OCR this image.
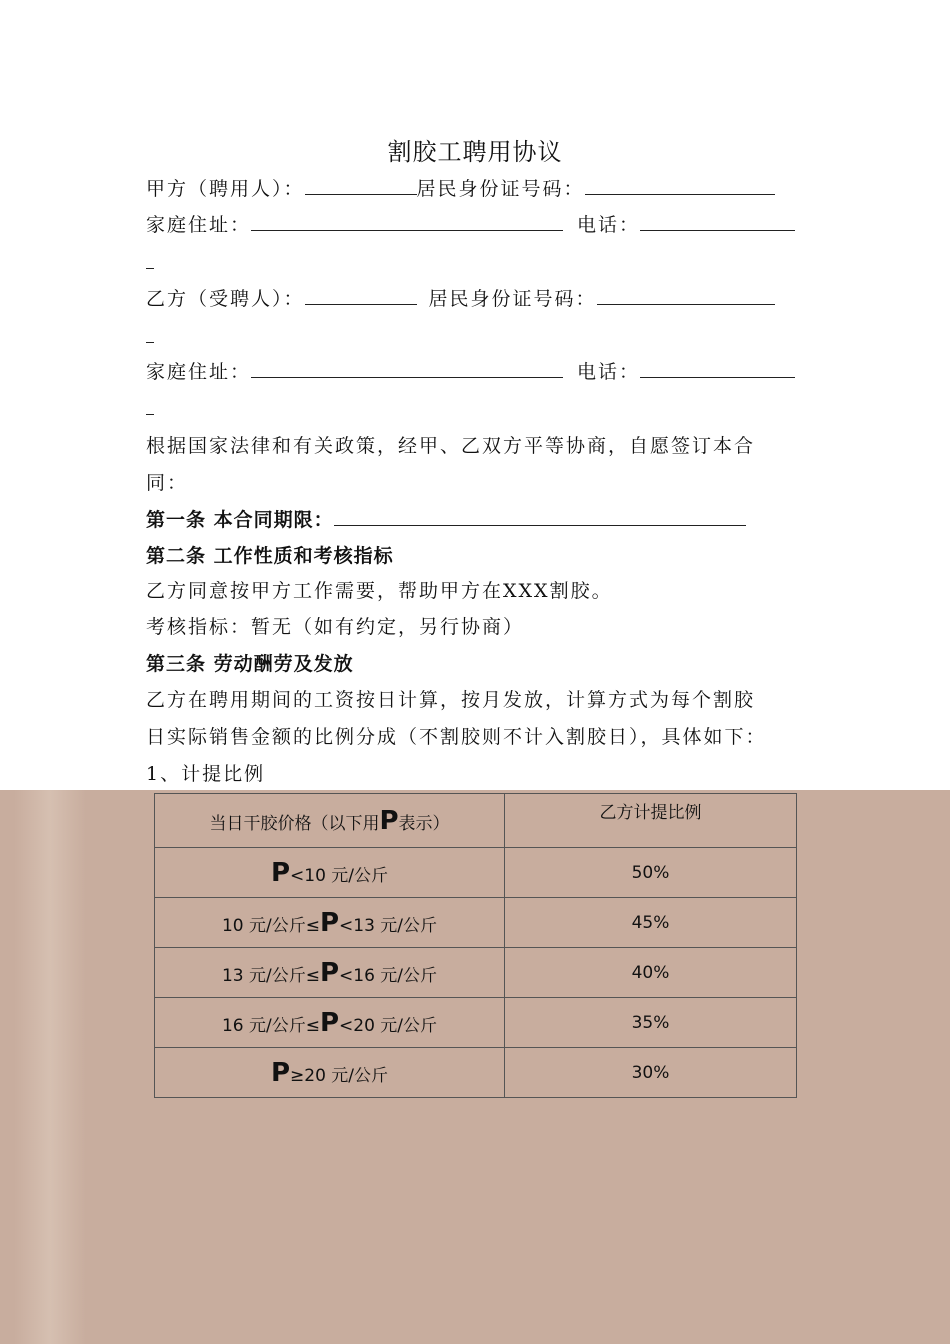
割胶工聘用协议
甲方（聘用人）：	居民身份证号码：
家庭住址：	电话：
乙方（受聘人）：	居民身份证号码：
家庭住址：	电话：
根据国家法律和有关政策，经甲、乙双方平等协商，自愿签订本合
同：
第一条 本合同期限：
第二条 工作性质和考核指标
乙方同意按甲方工作需要，帮助甲方在XXX割胶。
考核指标：暂无（如有约定，另行协商）
第三条 劳动酬劳及发放
乙方在聘用期间的工资按日计算，按月发放，计算方式为每个割胶
日实际销售金额的比例分成（不割胶则不计入割胶日），具体如下：
1、计提比例
当日干胶价格（以下用P表示）	乙方计提比例
P<10 元/公斤	50%
10 元/公斤≤P<13 元/公斤	45%
13 元/公斤≤P<16 元/公斤	40%
16 元/公斤≤P<20 元/公斤	35%
P≥20 元/公斤	30%
